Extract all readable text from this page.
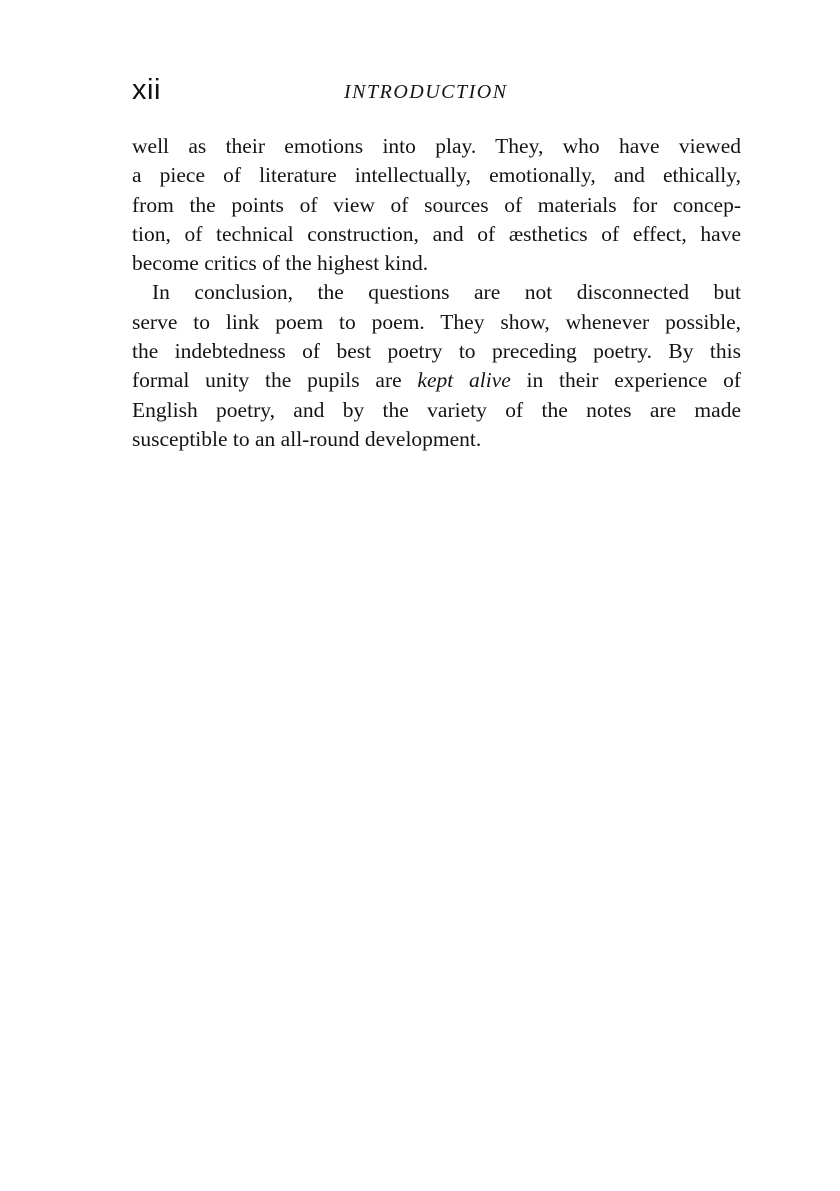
xii	INTRODUCTION
well as their emotions into play. They, who have viewed
a piece of literature intellectually, emotionally, and ethically,
from the points of view of sources of materials for concep-
tion, of technical construction, and of æsthetics of effect, have
become critics of the highest kind.
In conclusion, the questions are not disconnected but
serve to link poem to poem. They show, whenever possible,
the indebtedness of best poetry to preceding poetry. By this
formal unity the pupils are kept alive in their experience of
English poetry, and by the variety of the notes are made
susceptible to an all-round development.
